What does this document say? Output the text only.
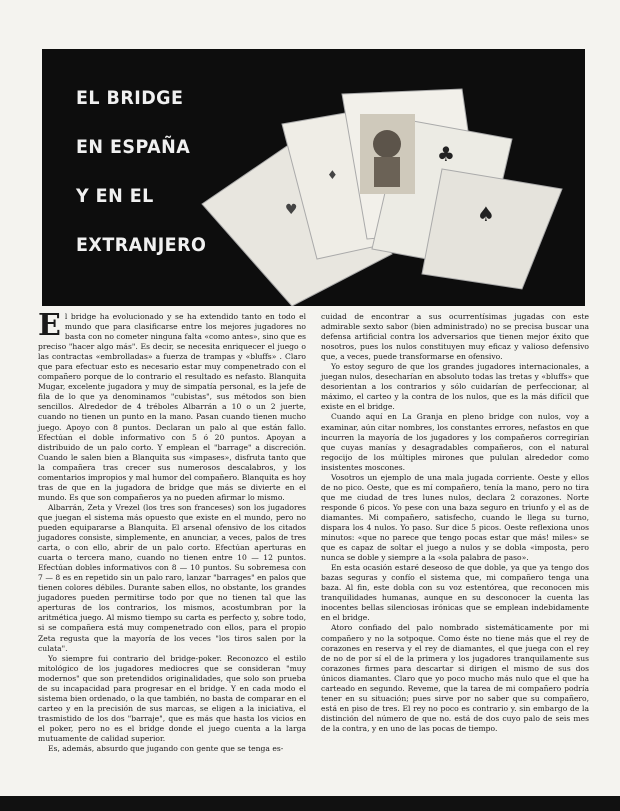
♣
♠
♥
♦
EL BRIDGE
EN ESPAÑA
Y EN EL
EXTRANJERO

El bridge ha evolucionado y se ha extendido tanto en todo el mundo que para clasificarse entre los mejores jugadores no basta con no cometer ninguna falta «como antes», sino que es preciso "hacer algo más". Es decir, se necesita enriquecer el juego o las contractas «embrolladas» a fuerza de trampas y «bluffs» . Claro que para efectuar esto es necesario estar muy compenetrado con el compañero porque de lo contrario el resultado es nefasto. Blanquita Mugar, excelente jugadora y muy de simpatía personal, es la jefe de fila de lo que ya denominamos "cubistas", sus métodos son bien sencillos. Alrededor de 4 tréboles Albarrán a 10 o un 2 juerte, cuando no tienen un punto en la mano. Pasan cuando tienen mucho juego. Apoyo con 8 puntos. Declaran un palo al que están fallo. Efectúan el doble informativo con 5 ó 20 puntos. Apoyan a distribuido de un palo corto. Y emplean el "barrage" a discreción. Cuando le salen bien a Blanquita sus «impases», disfruta tanto que la compañera tras crecer sus numerosos descalabros, y los comentarios impropios y mal humor del compañero. Blanquita es hoy tras de que en la jugadora de bridge que más se divierte en el mundo. Es que son compañeros ya no pueden afirmar lo mismo.

Albarrán, Zeta y Vrezel (los tres son franceses) son los jugadores que juegan el sistema más opuesto que existe en el mundo, pero no pueden equipararse a Blanquita. El arsenal ofensivo de los citados jugadores consiste, simplemente, en anunciar, a veces, palos de tres carta, o con ello, abrir de un palo corto. Efectúan aperturas en cuarta o tercera mano, cuando no tienen entre 10 — 12 puntos. Efectúan dobles informativos con 8 — 10 puntos. Su sobremesa con 7 — 8 es en repetido sin un palo raro, lanzar "barrages" en palos que tienen colores débiles. Durante saben ellos, no obstante, los grandes jugadores pueden permitirse todo por que no tienen tal que las aperturas de los contrarios, los mismos, acostumbran por la aritmética juego. Al mismo tiempo su carta es perfecto y, sobre todo, si se compañera está muy compenetrado con ellos, para el propio Zeta regusta que la mayoría de los veces "los tiros salen por la culata".

Yo siempre fui contrario del bridge-poker. Reconozco el estilo mitológico de los jugadores mediocres que se consideran "muy modernos" que son pretendidos originalidades, que solo son prueba de su incapacidad para progresar en el bridge. Y en cada modo el sistema bien ordenado, o la que también, no basta de comparar en el carteo y en la precisión de sus marcas, se eligen a la iniciativa, el trasmistido de los dos "barraje", que es más que hasta los vicios en el poker, pero no es el bridge donde el juego cuenta a la larga mutuamente de calidad superior.

Es, además, absurdo que jugando con gente que se tenga es-

cuidad de encontrar a sus ocurrentísimas jugadas con este admirable sexto sabor (bien administrado) no se precisa buscar una defensa artificial contra los adversarios que tienen mejor éxito que nosotros, pues los nulos constituyen muy eficaz y valioso defensivo que, a veces, puede transformarse en ofensivo.

Yo estoy seguro de que los grandes jugadores internacionales, a juegan nulos, desecharían en absoluto todas las tretas y «bluffs» que desorientan a los contrarios y sólo cuidarían de perfeccionar, al máximo, el carteo y la contra de los nulos, que es la más difícil que existe en el bridge.

Cuando aquí en La Granja en pleno bridge con nulos, voy a examinar, aún citar nombres, los constantes errores, nefastos en que incurren la mayoría de los jugadores y los compañeros corregirían que cuyas manías y desagradables compañeros, con el natural regocijo de los múltiples mirones que pululan alrededor como insistentes moscones.

Vosotros un ejemplo de una mala jugada corriente. Oeste y ellos de no pico. Oeste, que es mí compañero, tenía la mano, pero no tira que me ciudad de tres lunes nulos, declara 2 corazones. Norte responde 6 picos. Yo pese con una baza seguro en triunfo y el as de diamantes. Mi compañero, satisfecho, cuando le llega su turno, dispara los 4 nulos. Yo paso. Sur dice 5 picos. Oeste reflexiona unos minutos: «que no parece que tengo pocas estar que más! miles» se que es capaz de soltar el juego a nulos y se dobla «imposta, pero nunca se doble y siempre a la «sola palabra de paso».

En esta ocasión estaré deseoso de que doble, ya que ya tengo dos bazas seguras y confío el sistema que, mi compañero tenga una baza. Al fin, este dobla con su voz estentórea, que reconocen mis tranquilidades humanas, aunque en su desconocer la cuenta las inocentes bellas silenciosas irónicas que se emplean indebidamente en el bridge.

Atoro confiado del palo nombrado sistemáticamente por mi compañero y no la sotpoque. Como éste no tiene más que el rey de corazones en reserva y el rey de diamantes, el que juega con el rey de no de por sí el de la primera y los jugadores tranquilamente sus corazones firmes para descartar si dirigen el mismo de sus dos únicos diamantes. Claro que yo poco mucho más nulo que el que ha carteado en segundo. Reveme, que la tarea de mi compañero podría tener en su situación; pues sirve por no saber que su compañero, está en piso de tres. El rey no poco es contrario y. sin embargo de la distinción del número de que no. está de dos cuyo palo de seis mes de la contra, y en uno de las pocas de tiempo.
